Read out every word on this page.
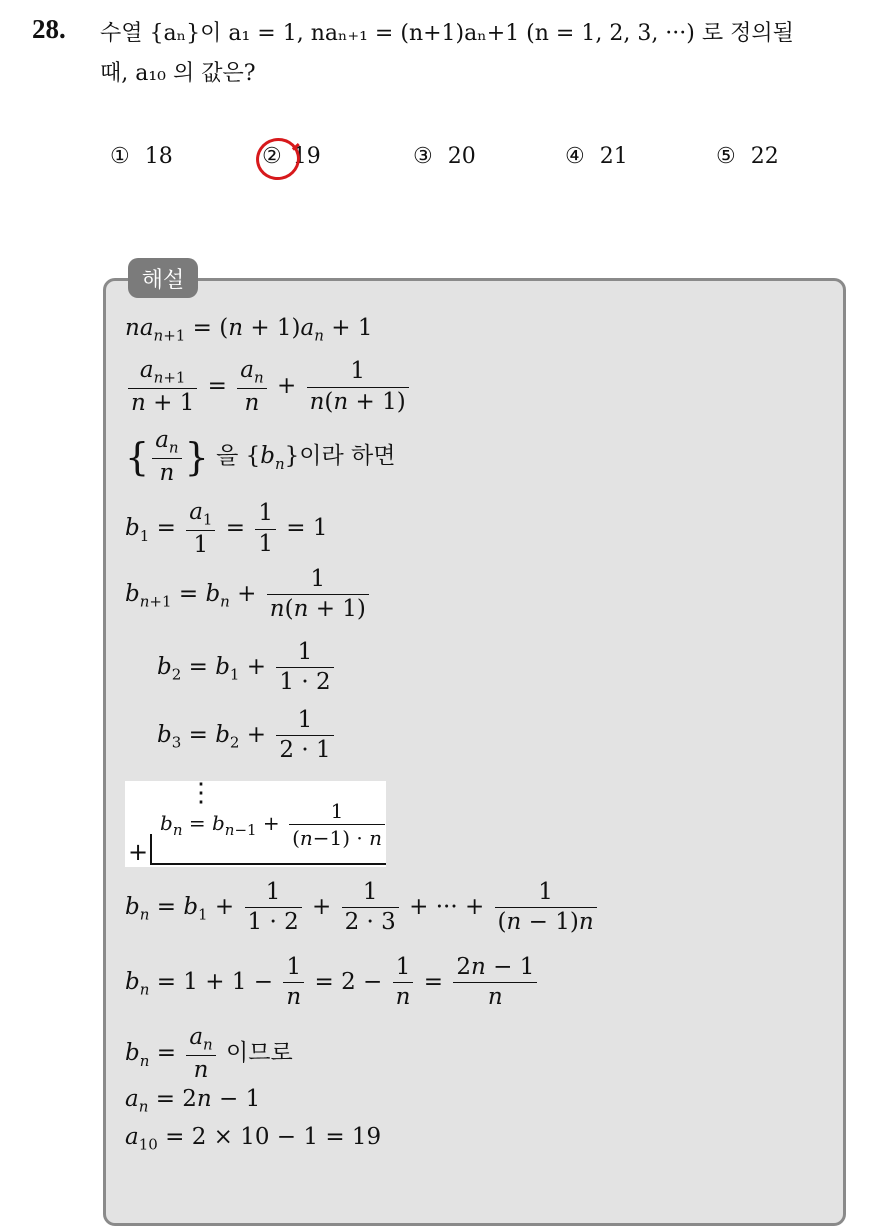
28. 수열 {aₙ}이 a₁ = 1, naₙ₊₁ = (n+1)aₙ+1 (n = 1, 2, 3, ···) 로 정의될
때, a₁₀ 의 값은?
① 18	② 19	③ 20	④ 21	⑤ 22
해설
$na_{n+1} = (n + 1)a_n + 1$
$\frac{a_{n+1}}{n + 1} = \frac{a_n}{n} + \frac{1}{n(n + 1)}$
{ $\frac{a_n}{n}$ } 을 $\{b_n\}$이라 하면
$b_1 = \frac{a_1}{1} = \frac{1}{1} = 1$
$b_{n+1} = b_n + \frac{1}{n(n + 1)}$
$b_2 = b_1 + \frac{1}{1 \cdot 2}$
$b_3 = b_2 + \frac{1}{2 \cdot 1}$
⋮
+
$b_n = b_{n-1} + \frac{1}{(n-1) \cdot n}$
$b_n = b_1 + \frac{1}{1 \cdot 2} + \frac{1}{2 \cdot 3}$ + ··· + $\frac{1}{(n - 1)n}$
$b_n = 1 + 1 - \frac{1}{n} = 2 - \frac{1}{n} = \frac{2n - 1}{n}$
$b_n = \frac{a_n}{n}$ 이므로
$a_n = 2n - 1$
$a_{10} = 2 \times 10 - 1 = 19$
